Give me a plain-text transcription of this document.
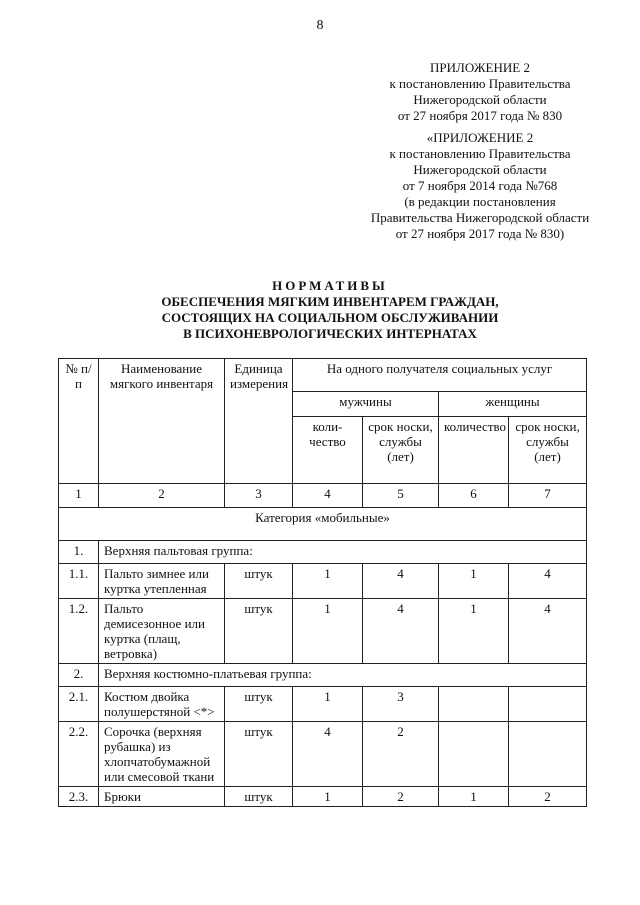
8
ПРИЛОЖЕНИЕ 2
к постановлению Правительства
Нижегородской области
от 27 ноября 2017 года № 830
«ПРИЛОЖЕНИЕ 2
к постановлению Правительства
Нижегородской области
от 7 ноября 2014 года №768
(в редакции постановления
Правительства Нижегородской области
от 27 ноября 2017 года № 830)
НОРМАТИВЫ
ОБЕСПЕЧЕНИЯ МЯГКИМ ИНВЕНТАРЕМ ГРАЖДАН,
СОСТОЯЩИХ НА СОЦИАЛЬНОМ ОБСЛУЖИВАНИИ
В ПСИХОНЕВРОЛОГИЧЕСКИХ ИНТЕРНАТАХ
№ п/п	Наименование мягкого инвентаря	Единица измерения	На одного получателя социальных услуг			
			мужчины		женщины	
			коли-чество	срок носки, службы (лет)	количество	срок носки, службы (лет)
1	2	3	4	5	6	7
Категория «мобильные»						
1.	Верхняя пальтовая группа:					
1.1.	Пальто зимнее или куртка утепленная	штук	1	4	1	4
1.2.	Пальто демисезонное или куртка (плащ, ветровка)	штук	1	4	1	4
2.	Верхняя костюмно-платьевая группа:					
2.1.	Костюм двойка полушерстяной <*>	штук	1	3		
2.2.	Сорочка (верхняя рубашка) из хлопчатобумажной или смесовой ткани	штук	4	2		
2.3.	Брюки	штук	1	2	1	2
